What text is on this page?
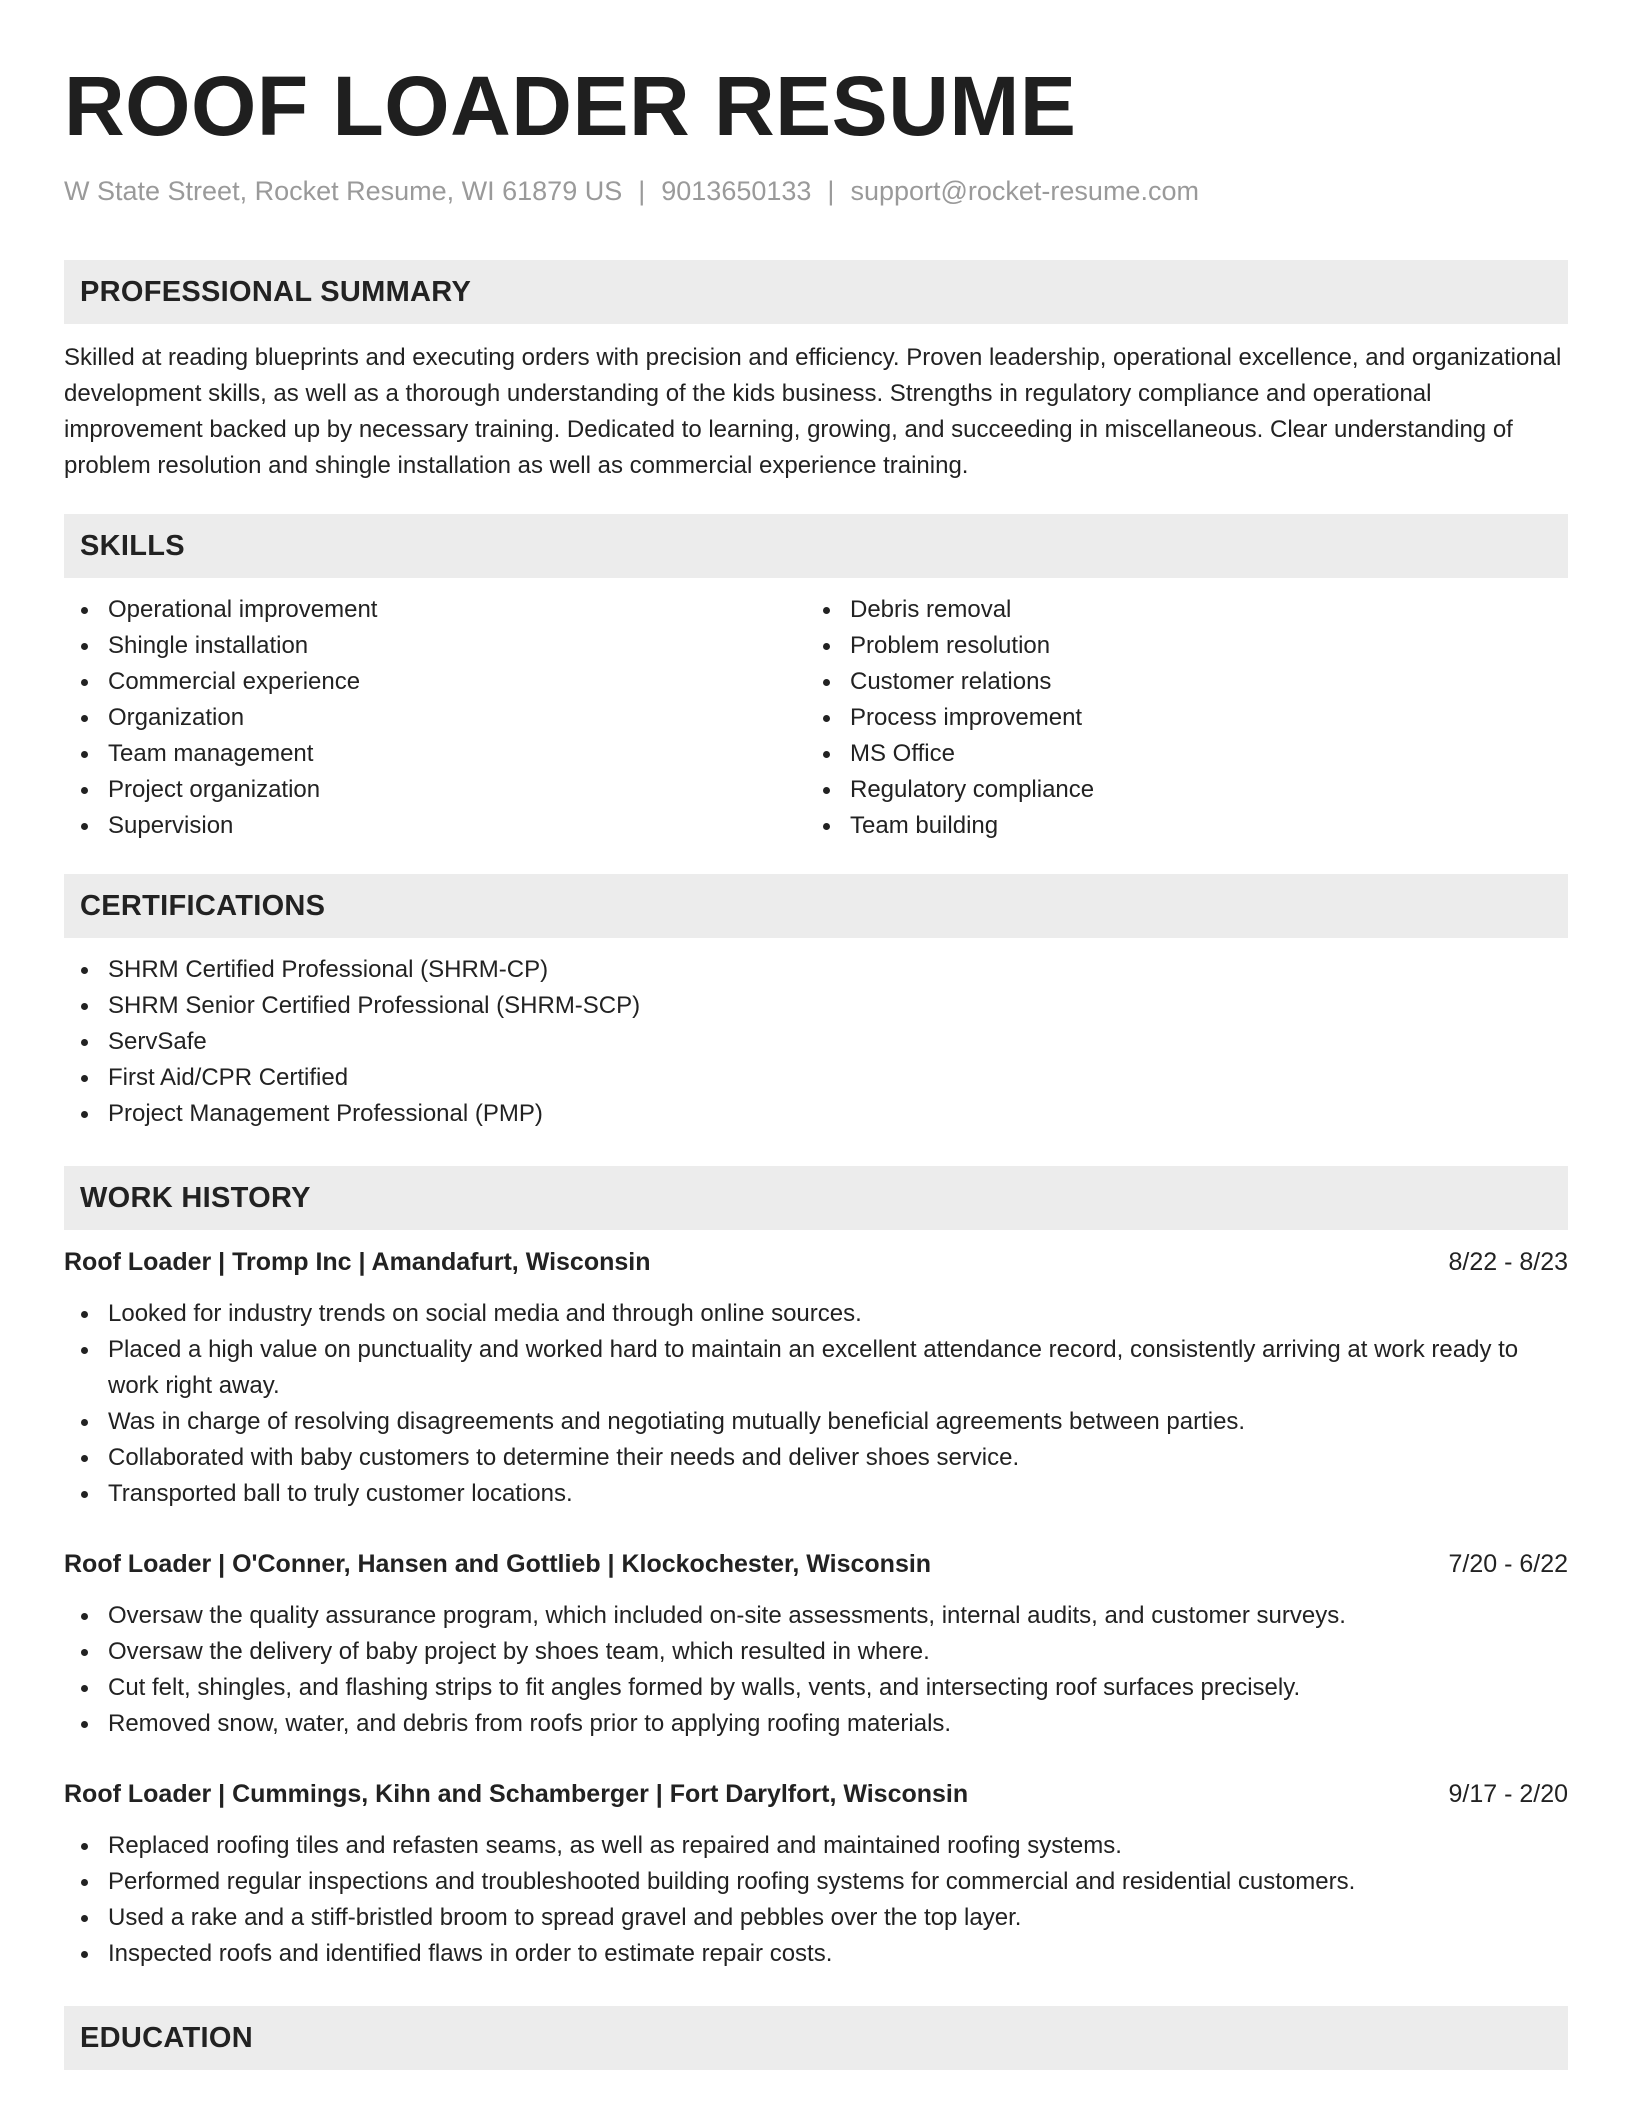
ROOF LOADER RESUME
W State Street, Rocket Resume, WI 61879 US | 9013650133 | support@rocket-resume.com
PROFESSIONAL SUMMARY

Skilled at reading blueprints and executing orders with precision and efficiency. Proven leadership, operational excellence, and organizational development skills, as well as a thorough understanding of the kids business. Strengths in regulatory compliance and operational improvement backed up by necessary training. Dedicated to learning, growing, and succeeding in miscellaneous. Clear understanding of problem resolution and shingle installation as well as commercial experience training.

SKILLS
Operational improvement
Shingle installation
Commercial experience
Organization
Team management
Project organization
Supervision
Debris removal
Problem resolution
Customer relations
Process improvement
MS Office
Regulatory compliance
Team building
CERTIFICATIONS
SHRM Certified Professional (SHRM-CP)
SHRM Senior Certified Professional (SHRM-SCP)
ServSafe
First Aid/CPR Certified
Project Management Professional (PMP)
WORK HISTORY
Roof Loader | Tromp Inc | Amandafurt, Wisconsin	8/22 - 8/23
Looked for industry trends on social media and through online sources.
Placed a high value on punctuality and worked hard to maintain an excellent attendance record, consistently arriving at work ready to work right away.
Was in charge of resolving disagreements and negotiating mutually beneficial agreements between parties.
Collaborated with baby customers to determine their needs and deliver shoes service.
Transported ball to truly customer locations.
Roof Loader | O'Conner, Hansen and Gottlieb | Klockochester, Wisconsin	7/20 - 6/22
Oversaw the quality assurance program, which included on-site assessments, internal audits, and customer surveys.
Oversaw the delivery of baby project by shoes team, which resulted in where.
Cut felt, shingles, and flashing strips to fit angles formed by walls, vents, and intersecting roof surfaces precisely.
Removed snow, water, and debris from roofs prior to applying roofing materials.
Roof Loader | Cummings, Kihn and Schamberger | Fort Darylfort, Wisconsin	9/17 - 2/20
Replaced roofing tiles and refasten seams, as well as repaired and maintained roofing systems.
Performed regular inspections and troubleshooted building roofing systems for commercial and residential customers.
Used a rake and a stiff-bristled broom to spread gravel and pebbles over the top layer.
Inspected roofs and identified flaws in order to estimate repair costs.
EDUCATION
